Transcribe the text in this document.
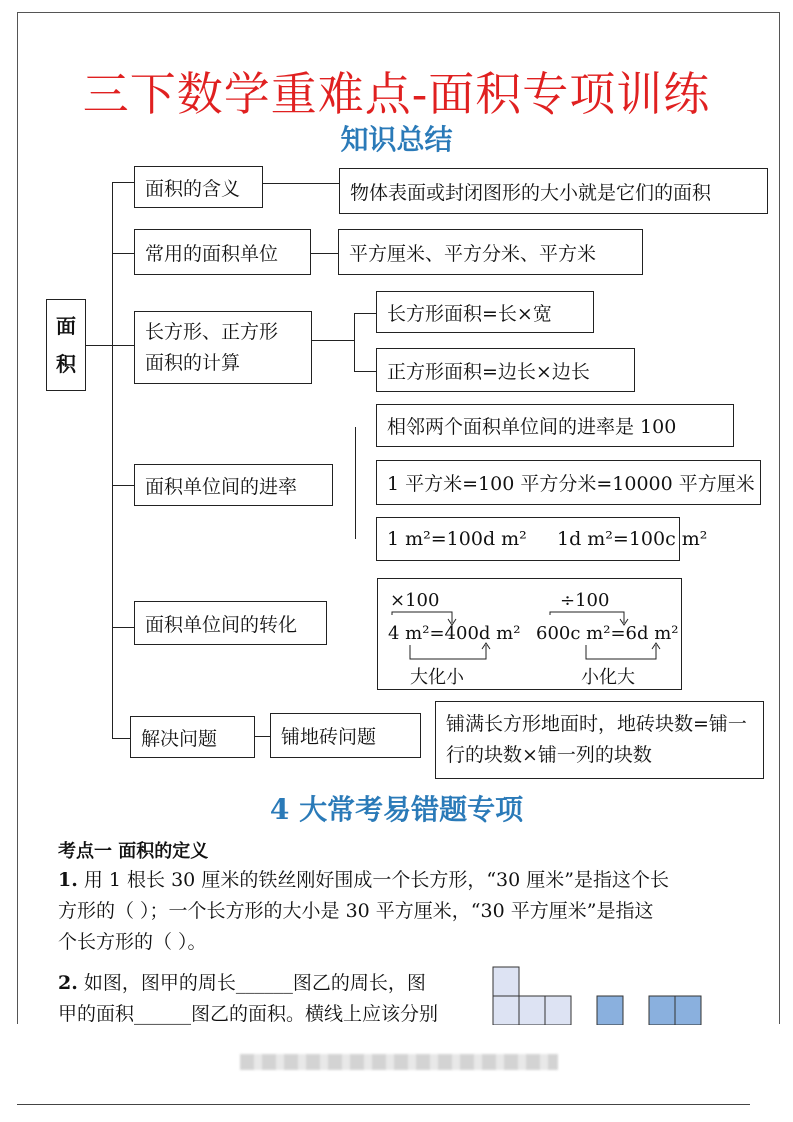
三下数学重难点-面积专项训练
知识总结
面
积
面积的含义	物体表面或封闭图形的大小就是它们的面积
常用的面积单位	平方厘米、平方分米、平方米
长方形、正方形
面积的计算
长方形面积=长×宽
正方形面积=边长×边长
面积单位间的进率
相邻两个面积单位间的进率是 100
1 平方米=100 平方分米=10000 平方厘米
1 m²=100d m²     1d m²=100c m²
面积单位间的转化
×100
4 m²=400d m²
大化小
÷100
600c m²=6d m²
小化大
解决问题	铺地砖问题
铺满长方形地面时，地砖块数=铺一行的块数×铺一列的块数
4 大常考易错题专项
考点一 面积的定义
1. 用 1 根长 30 厘米的铁丝刚好围成一个长方形，“30 厘米”是指这个长
方形的（ ）；一个长方形的大小是 30 平方厘米，“30 平方厘米”是指这
个长方形的（ ）。
2. 如图，图甲的周长______图乙的周长，图
甲的面积______图乙的面积。横线上应该分别
